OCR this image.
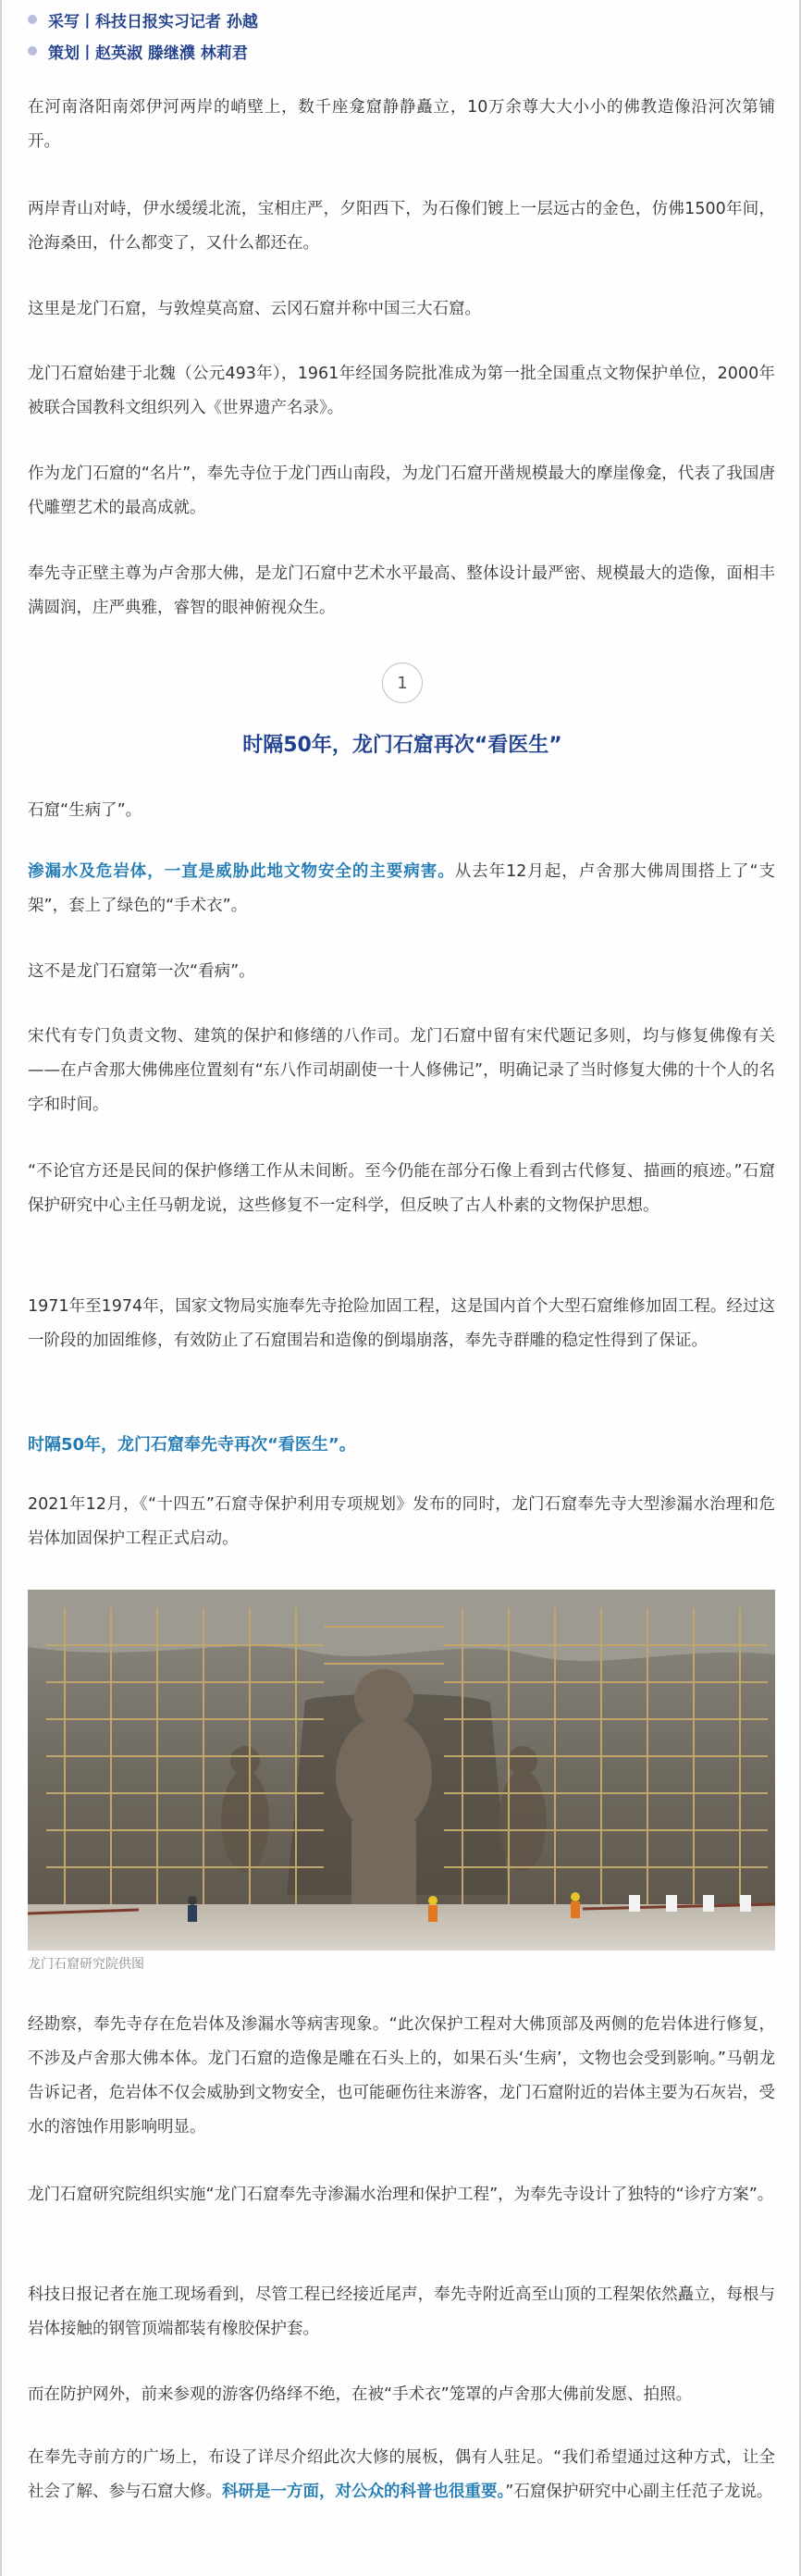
采写丨科技日报实习记者 孙越
策划丨赵英淑 滕继濮 林莉君

在河南洛阳南郊伊河两岸的峭壁上，数千座龛窟静静矗立，10万余尊大大小小的佛教造像沿河次第铺开。

两岸青山对峙，伊水缓缓北流，宝相庄严，夕阳西下，为石像们镀上一层远古的金色，仿佛1500年间，沧海桑田，什么都变了，又什么都还在。

这里是龙门石窟，与敦煌莫高窟、云冈石窟并称中国三大石窟。

龙门石窟始建于北魏（公元493年），1961年经国务院批准成为第一批全国重点文物保护单位，2000年被联合国教科文组织列入《世界遗产名录》。

作为龙门石窟的“名片”，奉先寺位于龙门西山南段，为龙门石窟开凿规模最大的摩崖像龛，代表了我国唐代雕塑艺术的最高成就。

奉先寺正壁主尊为卢舍那大佛，是龙门石窟中艺术水平最高、整体设计最严密、规模最大的造像，面相丰满圆润，庄严典雅，睿智的眼神俯视众生。

1
时隔50年，龙门石窟再次“看医生”

石窟“生病了”。

渗漏水及危岩体，一直是威胁此地文物安全的主要病害。从去年12月起，卢舍那大佛周围搭上了“支架”，套上了绿色的“手术衣”。

这不是龙门石窟第一次“看病”。

宋代有专门负责文物、建筑的保护和修缮的八作司。龙门石窟中留有宋代题记多则，均与修复佛像有关——在卢舍那大佛佛座位置刻有“东八作司胡副使一十人修佛记”，明确记录了当时修复大佛的十个人的名字和时间。

“不论官方还是民间的保护修缮工作从未间断。至今仍能在部分石像上看到古代修复、描画的痕迹。”石窟保护研究中心主任马朝龙说，这些修复不一定科学，但反映了古人朴素的文物保护思想。

1971年至1974年，国家文物局实施奉先寺抢险加固工程，这是国内首个大型石窟维修加固工程。经过这一阶段的加固维修，有效防止了石窟围岩和造像的倒塌崩落，奉先寺群雕的稳定性得到了保证。

时隔50年，龙门石窟奉先寺再次“看医生”。

2021年12月，《“十四五”石窟寺保护利用专项规划》发布的同时，龙门石窟奉先寺大型渗漏水治理和危岩体加固保护工程正式启动。

龙门石窟研究院供图

经勘察，奉先寺存在危岩体及渗漏水等病害现象。“此次保护工程对大佛顶部及两侧的危岩体进行修复，不涉及卢舍那大佛本体。龙门石窟的造像是雕在石头上的，如果石头‘生病’，文物也会受到影响。”马朝龙告诉记者，危岩体不仅会威胁到文物安全，也可能砸伤往来游客，龙门石窟附近的岩体主要为石灰岩，受水的溶蚀作用影响明显。

龙门石窟研究院组织实施“龙门石窟奉先寺渗漏水治理和保护工程”，为奉先寺设计了独特的“诊疗方案”。

科技日报记者在施工现场看到，尽管工程已经接近尾声，奉先寺附近高至山顶的工程架依然矗立，每根与岩体接触的钢管顶端都装有橡胶保护套。

而在防护网外，前来参观的游客仍络绎不绝，在被“手术衣”笼罩的卢舍那大佛前发愿、拍照。

在奉先寺前方的广场上，布设了详尽介绍此次大修的展板，偶有人驻足。“我们希望通过这种方式，让全社会了解、参与石窟大修。科研是一方面，对公众的科普也很重要。”石窟保护研究中心副主任范子龙说。
